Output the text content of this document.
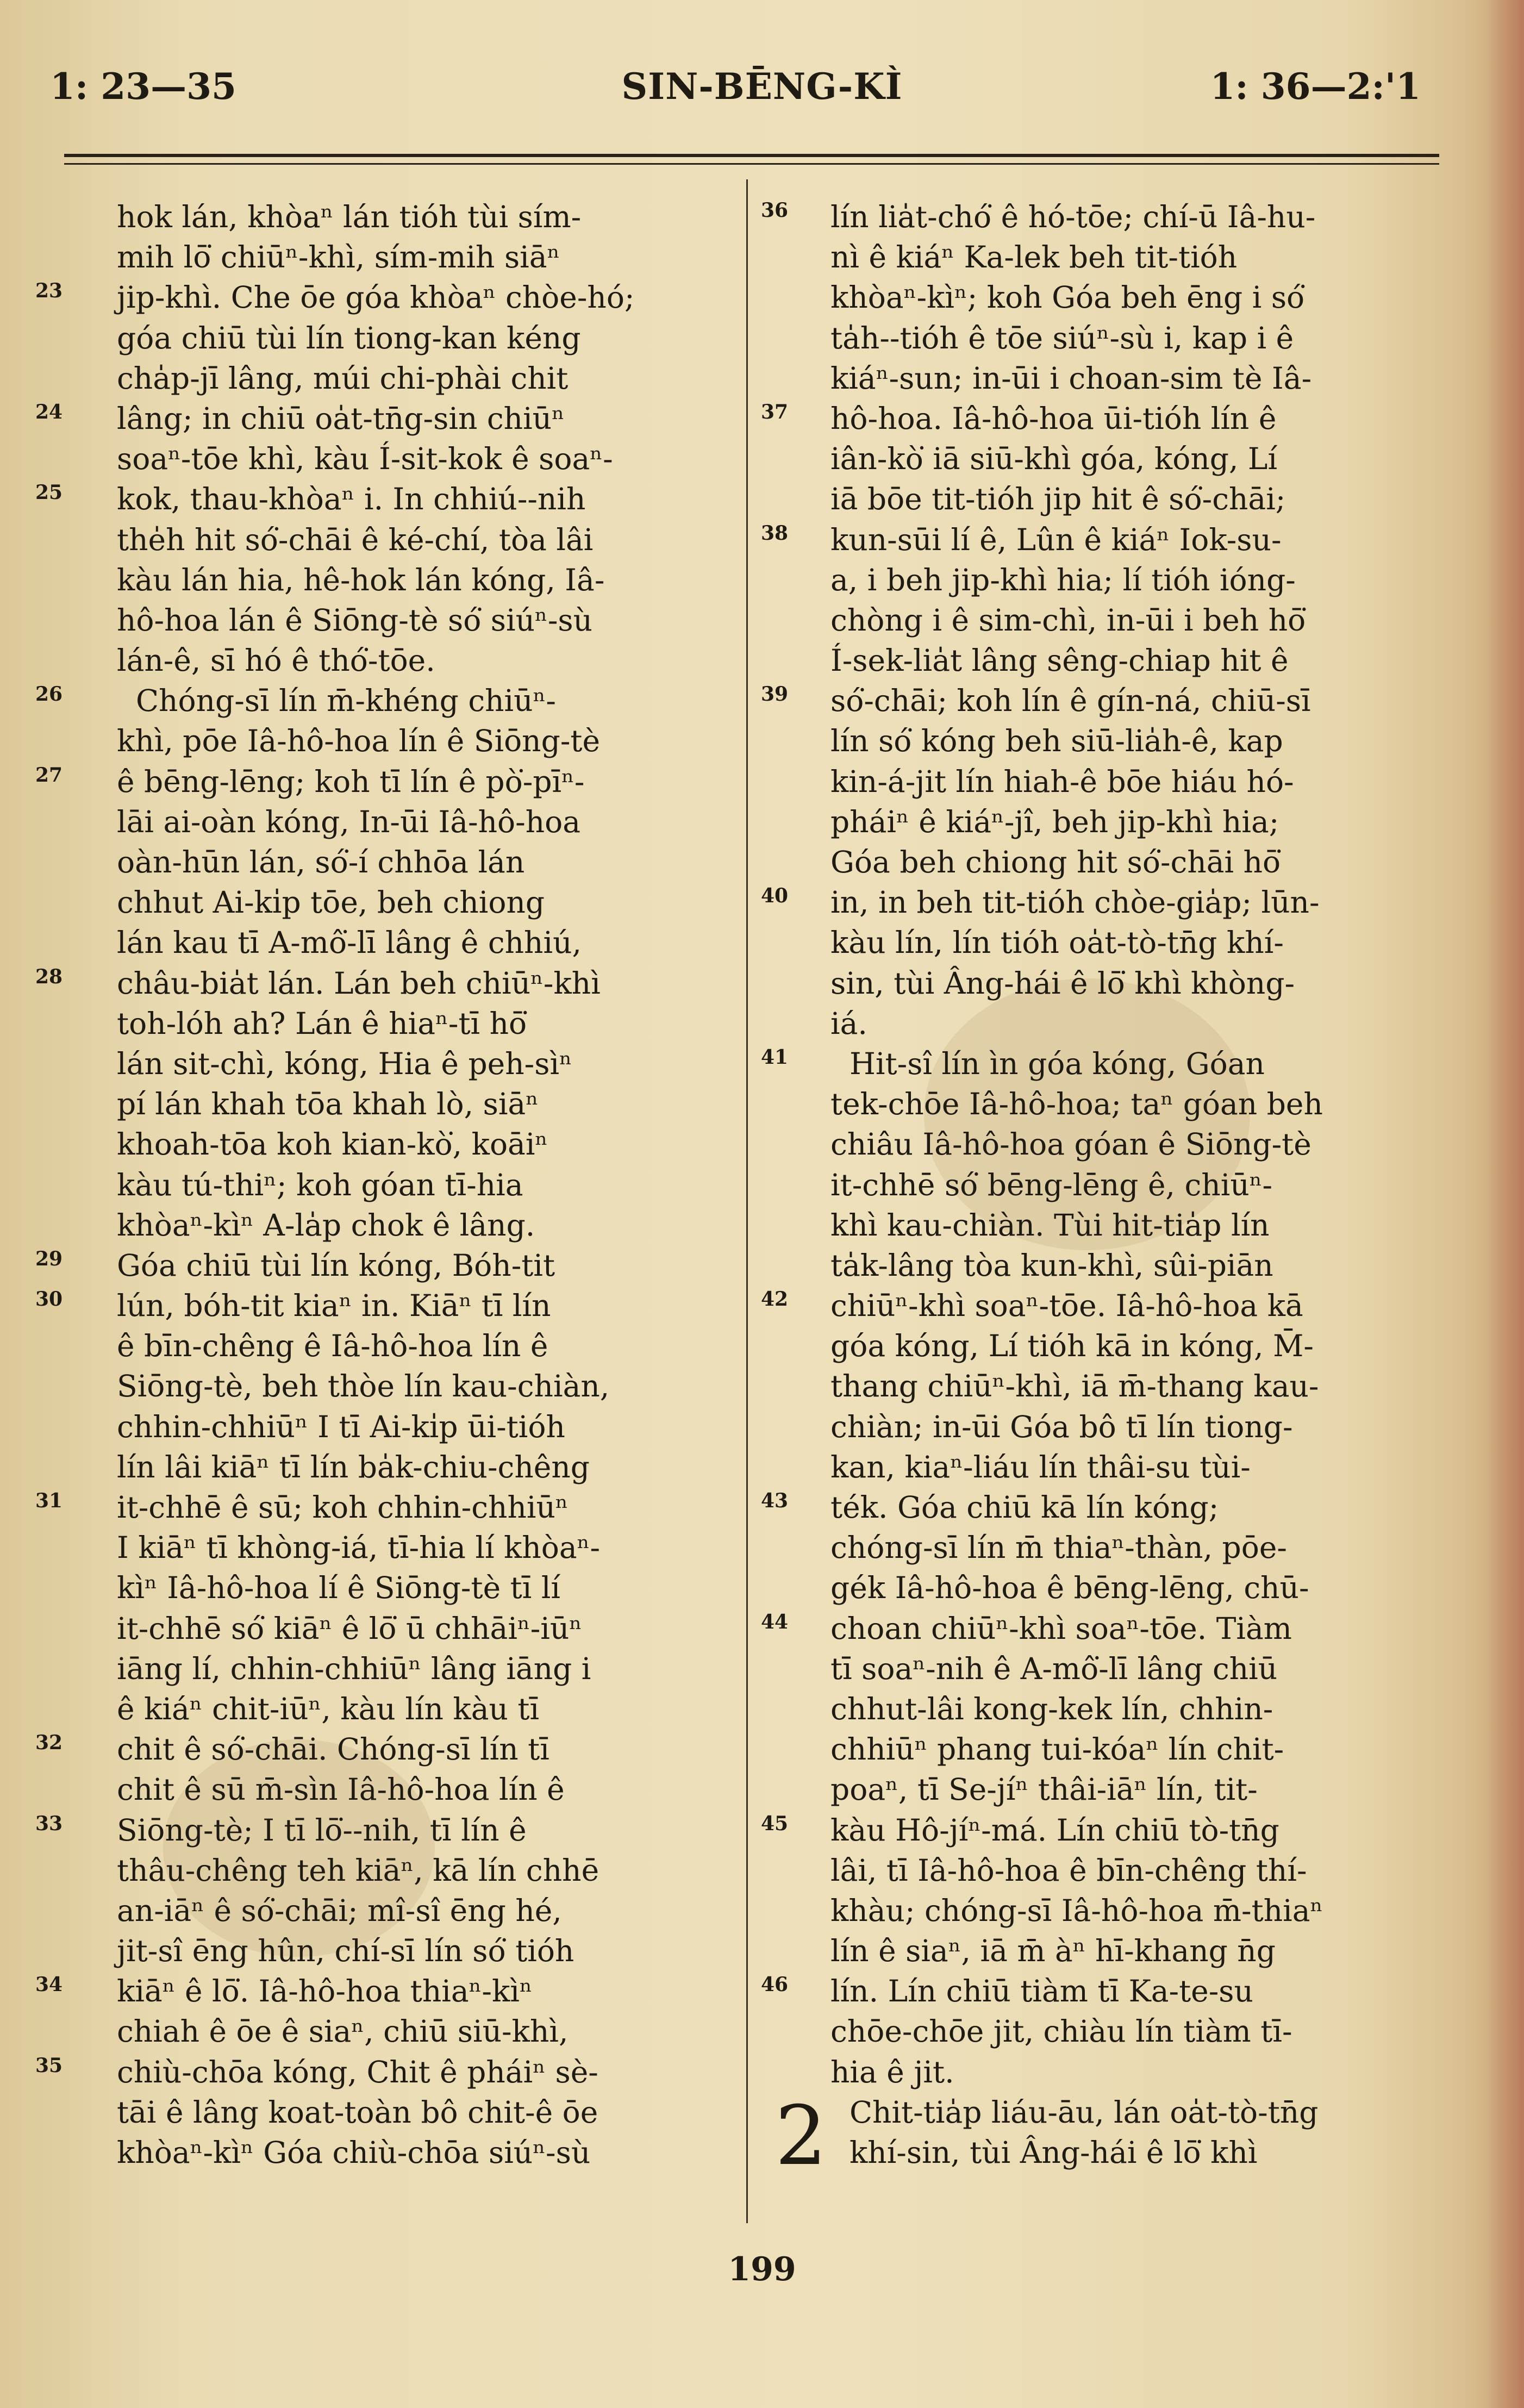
1: 23—35	SIN-BĒNG-KÌ	1: 36—2:'1
hok lán, khòaⁿ lán tióh tùi sím-
mih lō͘ chiūⁿ-khì, sím-mih siāⁿ
23 jip-khì. Che ōe góa khòaⁿ chòe-hó;
góa chiū tùi lín tiong-kan kéng
cha̍p-jī lâng, múi chi-phài chit
24 lâng; in chiū oa̍t-tn̄g-sin chiūⁿ
soaⁿ-tōe khì, kàu Í-sit-kok ê soaⁿ-
25 kok, thau-khòaⁿ i. In chhiú--nih
the̍h hit só͘-chāi ê ké-chí, tòa lâi
kàu lán hia, hê-hok lán kóng, Iâ-
hô-hoa lán ê Siōng-tè só͘ siúⁿ-sù
lán-ê, sī hó ê thó͘-tōe.
26 Chóng-sī lín m̄-khéng chiūⁿ-
khì, pōe Iâ-hô-hoa lín ê Siōng-tè
27 ê bēng-lēng; koh tī lín ê pò͘-pīⁿ-
lāi ai-oàn kóng, In-ūi Iâ-hô-hoa
oàn-hūn lán, só͘-í chhōa lán
chhut Ai-ki̍p tōe, beh chiong
lán kau tī A-mô͘-lī lâng ê chhiú,
28 châu-bia̍t lán. Lán beh chiūⁿ-khì
toh-lóh ah? Lán ê hiaⁿ-tī hō͘
lán sit-chì, kóng, Hia ê peh-sìⁿ
pí lán khah tōa khah lò, siāⁿ
khoah-tōa koh kian-kò͘, koāiⁿ
kàu tú-thiⁿ; koh góan tī-hia
khòaⁿ-kìⁿ A-la̍p chok ê lâng.
29 Góa chiū tùi lín kóng, Bóh-tit
30 lún, bóh-tit kiaⁿ in. Kiāⁿ tī lín
ê bīn-chêng ê Iâ-hô-hoa lín ê
Siōng-tè, beh thòe lín kau-chiàn,
chhin-chhiūⁿ I tī Ai-ki̍p ūi-tióh
lín lâi kiāⁿ tī lín ba̍k-chiu-chêng
31 it-chhē ê sū; koh chhin-chhiūⁿ
I kiāⁿ tī khòng-iá, tī-hia lí khòaⁿ-
kìⁿ Iâ-hô-hoa lí ê Siōng-tè tī lí
it-chhē só͘ kiāⁿ ê lō͘ ū chhāiⁿ-iūⁿ
iāng lí, chhin-chhiūⁿ lâng iāng i
ê kiáⁿ chit-iūⁿ, kàu lín kàu tī
32 chit ê só͘-chāi. Chóng-sī lín tī
chit ê sū m̄-sìn Iâ-hô-hoa lín ê
33 Siōng-tè; I tī lō͘--nih, tī lín ê
thâu-chêng teh kiāⁿ, kā lín chhē
an-iāⁿ ê só͘-chāi; mî-sî ēng hé,
jit-sî ēng hûn, chí-sī lín só͘ tióh
34 kiāⁿ ê lō͘. Iâ-hô-hoa thiaⁿ-kìⁿ
chiah ê ōe ê siaⁿ, chiū siū-khì,
35 chiù-chōa kóng, Chit ê pháiⁿ sè-
tāi ê lâng koat-toàn bô chit-ê ōe
khòaⁿ-kìⁿ Góa chiù-chōa siúⁿ-sù
36 lín lia̍t-chó͘ ê hó-tōe; chí-ū Iâ-hu-
nì ê kiáⁿ Ka-lek beh tit-tióh
khòaⁿ-kìⁿ; koh Góa beh ēng i só͘
ta̍h--tióh ê tōe siúⁿ-sù i, kap i ê
kiáⁿ-sun; in-ūi i choan-sim tè Iâ-
37 hô-hoa. Iâ-hô-hoa ūi-tióh lín ê
iân-kò͘ iā siū-khì góa, kóng, Lí
iā bōe tit-tióh jip hit ê só͘-chāi;
38 kun-sūi lí ê, Lûn ê kiáⁿ Iok-su-
a, i beh jip-khì hia; lí tióh ióng-
chòng i ê sim-chì, in-ūi i beh hō͘
Í-sek-lia̍t lâng sêng-chiap hit ê
39 só͘-chāi; koh lín ê gín-ná, chiū-sī
lín só͘ kóng beh siū-lia̍h-ê, kap
kin-á-jit lín hiah-ê bōe hiáu hó-
pháiⁿ ê kiáⁿ-jî, beh jip-khì hia;
Góa beh chiong hit só͘-chāi hō͘
40 in, in beh tit-tióh chòe-gia̍p; lūn-
kàu lín, lín tióh oa̍t-tò-tn̄g khí-
sin, tùi Âng-hái ê lō͘ khì khòng-
iá.
41 Hit-sî lín ìn góa kóng, Góan
tek-chōe Iâ-hô-hoa; taⁿ góan beh
chiâu Iâ-hô-hoa góan ê Siōng-tè
it-chhē só͘ bēng-lēng ê, chiūⁿ-
khì kau-chiàn. Tùi hit-tia̍p lín
ta̍k-lâng tòa kun-khì, sûi-piān
42 chiūⁿ-khì soaⁿ-tōe. Iâ-hô-hoa kā
góa kóng, Lí tióh kā in kóng, M̄-
thang chiūⁿ-khì, iā m̄-thang kau-
chiàn; in-ūi Góa bô tī lín tiong-
kan, kiaⁿ-liáu lín thâi-su tùi-
43 ték. Góa chiū kā lín kóng;
chóng-sī lín m̄ thiaⁿ-thàn, pōe-
gék Iâ-hô-hoa ê bēng-lēng, chū-
44 choan chiūⁿ-khì soaⁿ-tōe. Tiàm
tī soaⁿ-nih ê A-mô͘-lī lâng chiū
chhut-lâi kong-kek lín, chhin-
chhiūⁿ phang tui-kóaⁿ lín chit-
poaⁿ, tī Se-jíⁿ thâi-iāⁿ lín, tit-
45 kàu Hô-jíⁿ-má. Lín chiū tò-tn̄g
lâi, tī Iâ-hô-hoa ê bīn-chêng thí-
khàu; chóng-sī Iâ-hô-hoa m̄-thiaⁿ
lín ê siaⁿ, iā m̄ àⁿ hī-khang n̄g
46 lín. Lín chiū tiàm tī Ka-te-su
chōe-chōe jit, chiàu lín tiàm tī-
hia ê jit.
2 Chit-tia̍p liáu-āu, lán oa̍t-tò-tn̄g
khí-sin, tùi Âng-hái ê lō͘ khì
199
